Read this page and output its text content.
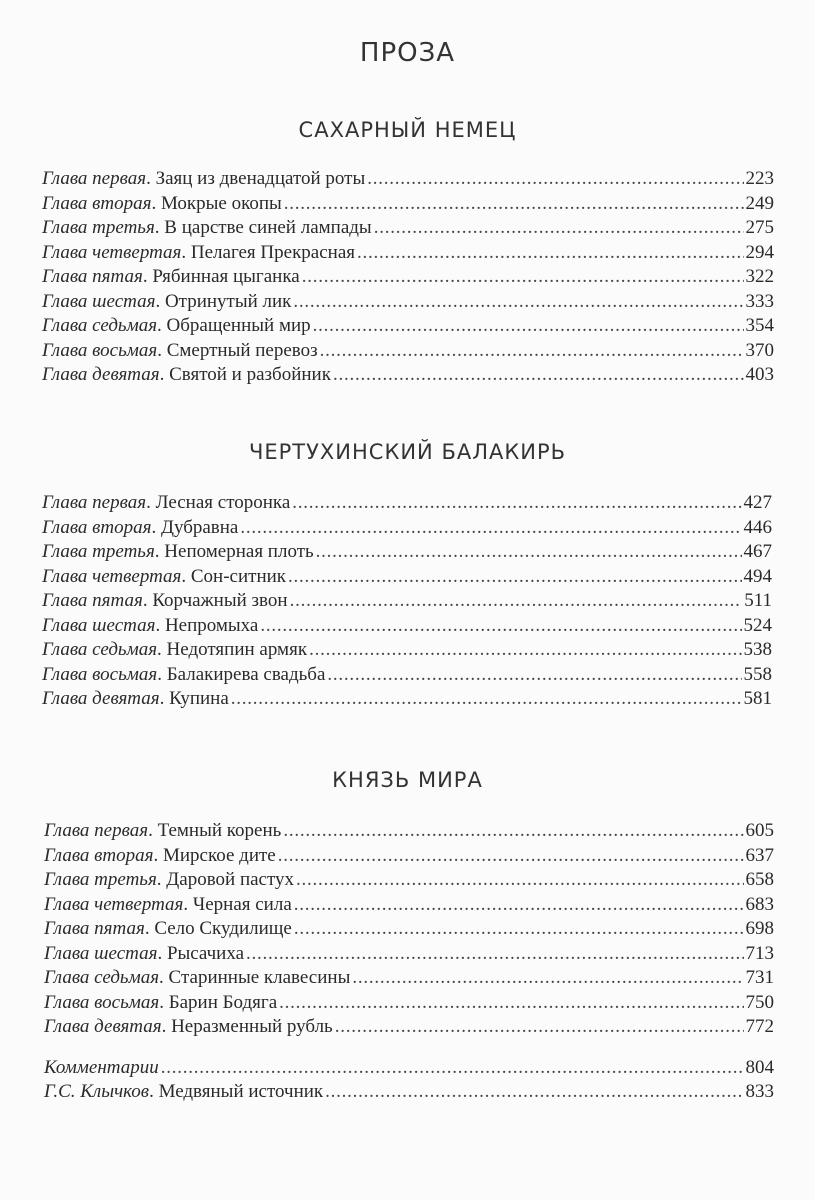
ПРОЗА
САХАРНЫЙ НЕМЕЦ
Глава первая. Заяц из двенадцатой роты . . .	223
Глава вторая. Мокрые окопы . . .	249
Глава третья. В царстве синей лампады . . .	275
Глава четвертая. Пелагея Прекрасная . . .	294
Глава пятая. Рябинная цыганка . . .	322
Глава шестая. Отринутый лик . . .	333
Глава седьмая. Обращенный мир . . .	354
Глава восьмая. Смертный перевоз . . .	370
Глава девятая. Святой и разбойник . . .	403
ЧЕРТУХИНСКИЙ БАЛАКИРЬ
Глава первая. Лесная сторонка . . .	427
Глава вторая. Дубравна . . .	446
Глава третья. Непомерная плоть . . .	467
Глава четвертая. Сон-ситник . . .	494
Глава пятая. Корчажный звон . . .	511
Глава шестая. Непромыха . . .	524
Глава седьмая. Недотяпин армяк . . .	538
Глава восьмая. Балакирева свадьба . . .	558
Глава девятая. Купина . . .	581
КНЯЗЬ МИРА
Глава первая. Темный корень . . .	605
Глава вторая. Мирское дите . . .	637
Глава третья. Даровой пастух . . .	658
Глава четвертая. Черная сила . . .	683
Глава пятая. Село Скудилище . . .	698
Глава шестая. Рысачиха . . .	713
Глава седьмая. Старинные клавесины . . .	731
Глава восьмая. Барин Бодяга . . .	750
Глава девятая. Неразменный рубль . . .	772
Комментарии . . .	804
Г.С. Клычков. Медвяный источник . . .	833
